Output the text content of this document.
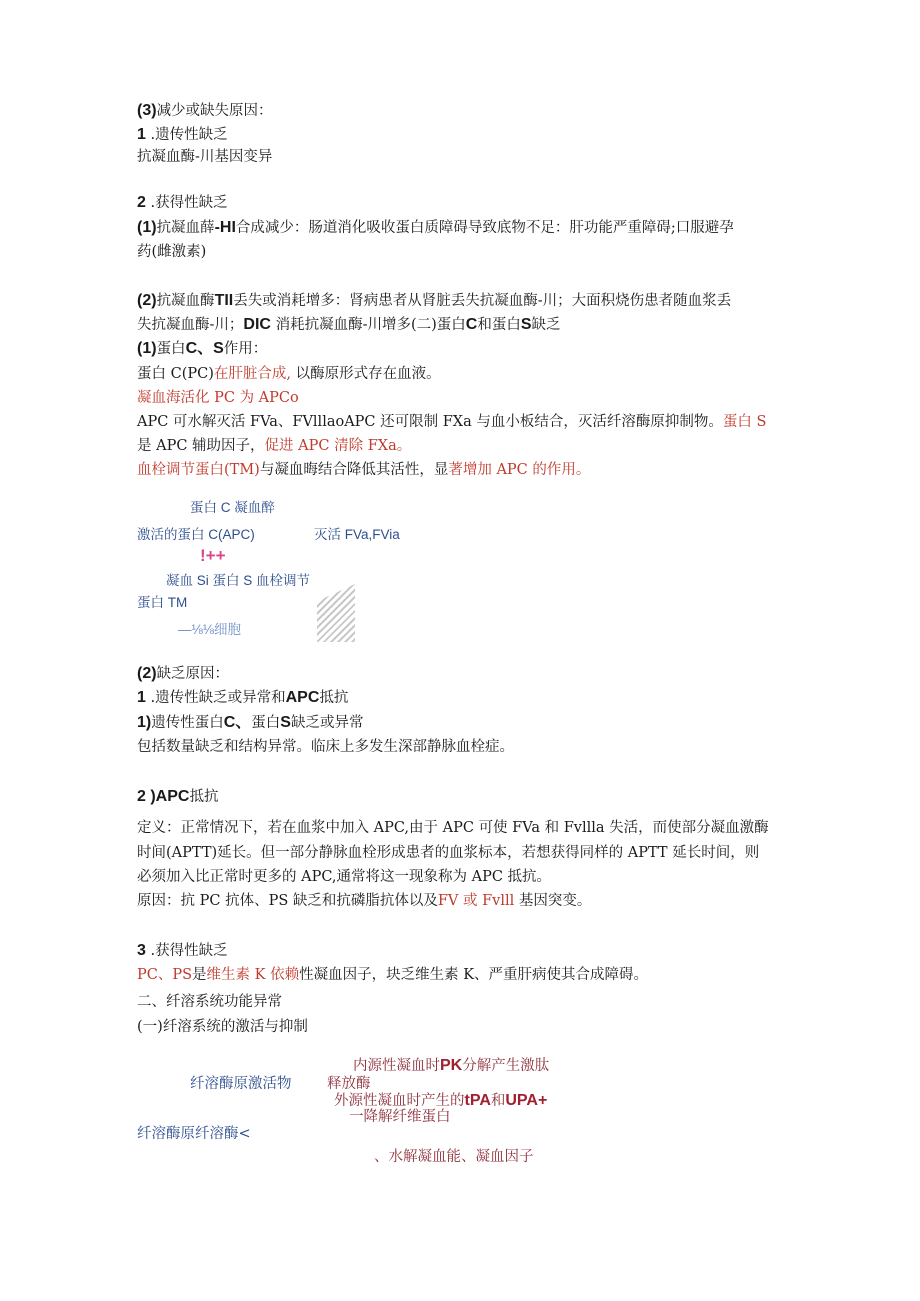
(3)减少或缺失原因：
1 .遗传性缺乏
抗凝血酶-川基因变异
2 .获得性缺乏
(1)抗凝血薛-HI合成减少：肠道消化吸收蛋白质障碍导致底物不足：肝功能严重障碍;口服避孕
药(雌激素)
(2)抗凝血酶TII丢失或消耗增多：肾病患者从肾脏丢失抗凝血酶-川；大面积烧伤患者随血浆丢
失抗凝血酶-川；DIC 消耗抗凝血酶-川增多(二)蛋白C和蛋白S缺乏
(1)蛋白C、S作用：
蛋白 C(PC)在肝脏合成, 以酶原形式存在血液。
凝血海活化 PC 为 APCo
APC 可水解灭活 FVa、FVlllaoAPC 还可限制 FXa 与血小板结合，灭活纤溶酶原抑制物。蛋白 S
是 APC 辅助因子，促进 APC 清除 FXa。
血栓调节蛋白(TM)与凝血晦结合降低其活性，显著增加 APC 的作用。
蛋白 C 凝血醉
激活的蛋白 C(APC)	灭活 FVa,FVia
!++
凝血 Si 蛋白 S 血栓调节
蛋白 TM
—⅛⅛细胞
(2)缺乏原因：
1 .遗传性缺乏或异常和APC抵抗
1)遗传性蛋白C、蛋白S缺乏或异常
包括数量缺乏和结构异常。临床上多发生深部静脉血栓症。
2 )APC抵抗
定义：正常情况下，若在血浆中加入 APC,由于 APC 可使 FVa 和 Fvllla 失活，而使部分凝血激酶
时间(APTT)延长。但一部分静脉血栓形成患者的血浆标本，若想获得同样的 APTT 延长时间，则
必须加入比正常时更多的 APC,通常将这一现象称为 APC 抵抗。
原因：抗 PC 抗体、PS 缺乏和抗磷脂抗体以及FV 或 Fvlll 基因突变。
3 .获得性缺乏
PC、PS是维生素 K 依赖性凝血因子，块乏维生素 K、严重肝病使其合成障碍。
二、纤溶系统功能异常
(一)纤溶系统的激活与抑制
内源性凝血时PK分解产生激肽
纤溶酶原激活物 释放酶
外源性凝血时产生的tPA和UPA+
一降解纤维蛋白
纤溶酶原纤溶酶<
、水解凝血能、凝血因子
